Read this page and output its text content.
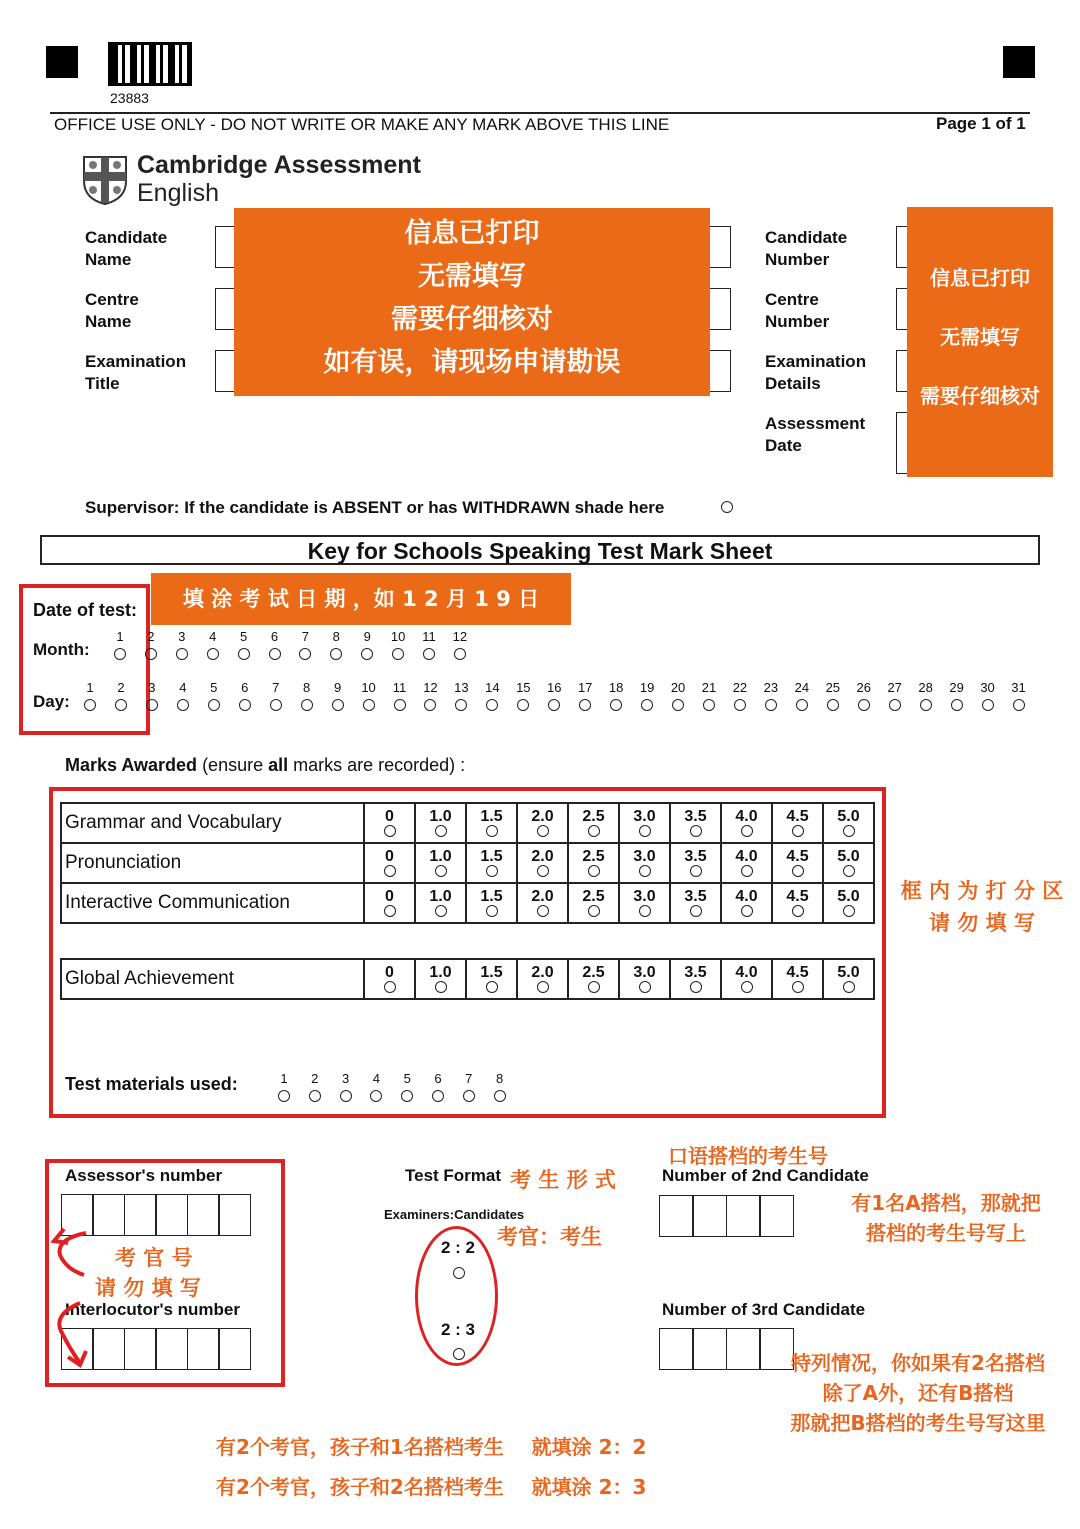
23883
OFFICE USE ONLY - DO NOT WRITE OR MAKE ANY MARK ABOVE THIS LINE	Page 1 of 1
Cambridge Assessment
English
Candidate
Name
Centre
Name
Examination
Title
信息已打印
无需填写
需要仔细核对
如有误，请现场申请勘误
Candidate
Number
Centre
Number
Examination
Details
Assessment
Date
信息已打印
无需填写
需要仔细核对
Supervisor: If the candidate is ABSENT or has WITHDRAWN shade here
Key for Schools Speaking Test Mark Sheet
Date of test:	填 涂 考 试 日 期 ，如 1 2 月 1 9 日
Month:
Day:
1	2	3	4	5	6	7	8	9	10	11	12
1	2	3	4	5	6	7	8	9	10	11	12	13	14	15	16	17	18	19	20	21	22	23	24	25	26	27	28	29	30	31
Marks Awarded (ensure all marks are recorded) :
Grammar and Vocabulary	0	1.0	1.5	2.0	2.5	3.0	3.5	4.0	4.5	5.0

Pronunciation	0	1.0	1.5	2.0	2.5	3.0	3.5	4.0	4.5	5.0

Interactive Communication	0	1.0	1.5	2.0	2.5	3.0	3.5	4.0	4.5	5.0
Global Achievement	0	1.0	1.5	2.0	2.5	3.0	3.5	4.0	4.5	5.0
框 内 为 打 分 区
请 勿 填 写
Test materials used:	1	2	3	4	5	6	7	8
Assessor's number
Interlocutor's number
考 官 号
请 勿 填 写
Test Format 考 生 形 式
Examiners:Candidates
考官：考生
2 : 2
2 : 3
口语搭档的考生号
Number of 2nd Candidate
有1名A搭档，那就把
搭档的考生号写上
Number of 3rd Candidate
特列情况，你如果有2名搭档
除了A外，还有B搭档
那就把B搭档的考生号写这里
有2个考官，孩子和1名搭档考生    就填涂 2：2
有2个考官，孩子和2名搭档考生    就填涂 2：3
